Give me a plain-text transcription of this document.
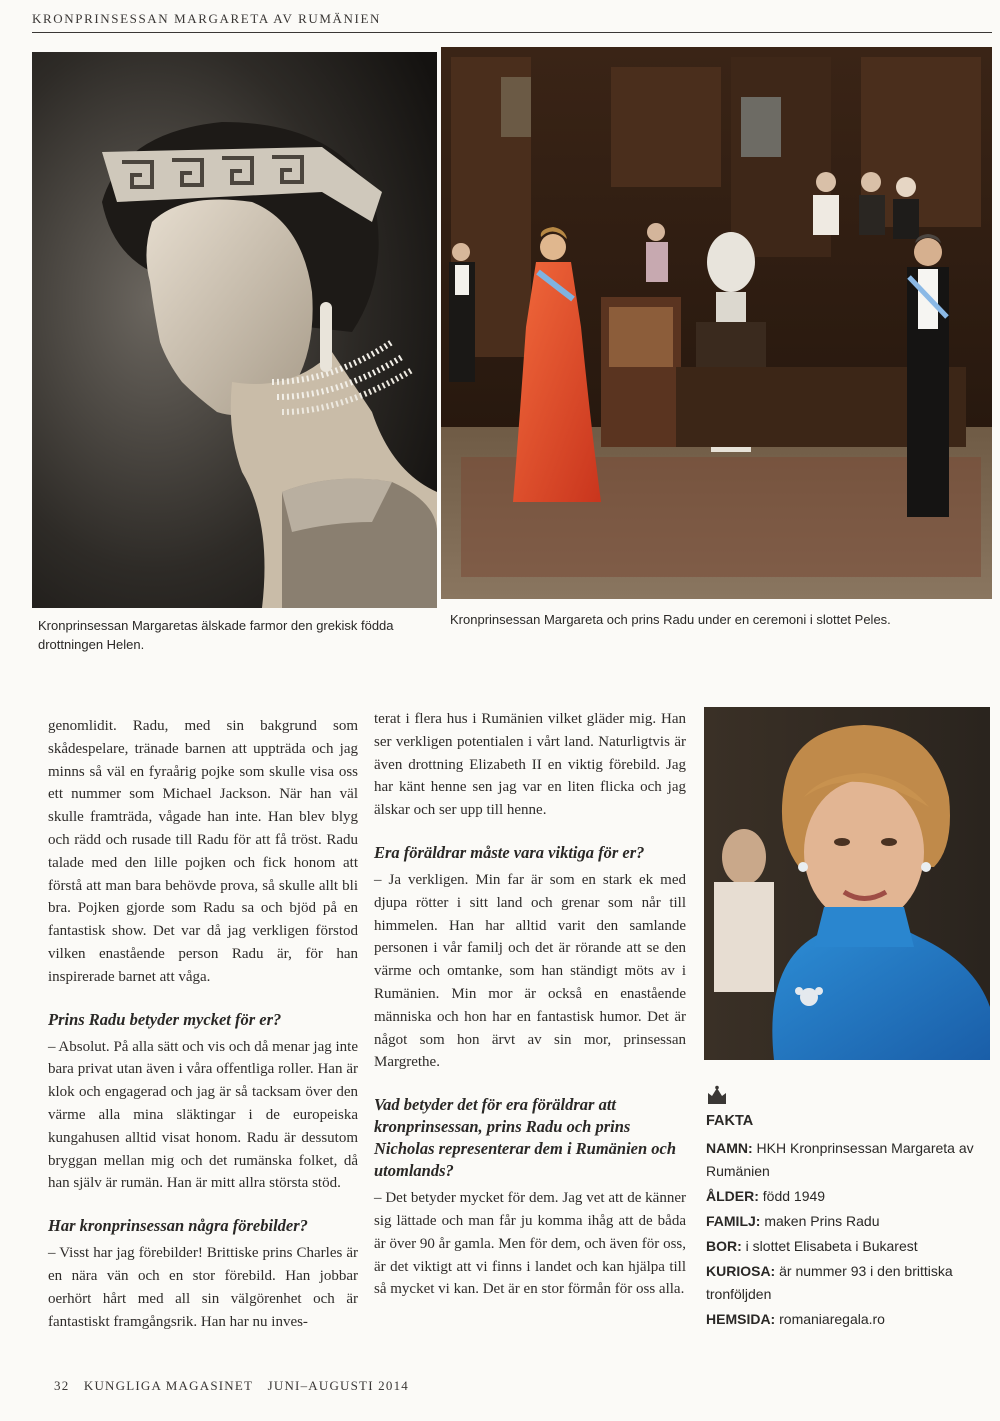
KRONPRINSESSAN MARGARETA AV RUMÄNIEN
Kronprinsessan Margaretas älskade farmor den grekisk födda drottningen Helen.
Kronprinsessan Margareta och prins Radu under en ceremoni i slottet Peles.

genomlidit. Radu, med sin bakgrund som skådespelare, tränade barnen att uppträda och jag minns så väl en fyraårig pojke som skulle visa oss ett nummer som Michael Jackson. När han väl skulle framträda, vågade han inte. Han blev blyg och rädd och rusade till Radu för att få tröst. Radu talade med den lille pojken och fick honom att förstå att man bara behövde prova, så skulle allt bli bra. Pojken gjorde som Radu sa och bjöd på en fantastisk show. Det var då jag verkligen förstod vilken enastående person Radu är, för han inspirerade barnet att våga.

Prins Radu betyder mycket för er?

– Absolut. På alla sätt och vis och då menar jag inte bara privat utan även i våra offentliga roller. Han är klok och engagerad och jag är så tacksam över den värme alla mina släktingar i de europeiska kungahusen alltid visat honom. Radu är dessutom bryggan mellan mig och det rumänska folket, då han själv är rumän. Han är mitt allra största stöd.

Har kronprinsessan några förebilder?

– Visst har jag förebilder! Brittiske prins Charles är en nära vän och en stor förebild. Han jobbar oerhört hårt med all sin välgörenhet och är fantastiskt framgångsrik. Han har nu inves-

terat i flera hus i Rumänien vilket gläder mig. Han ser verkligen potentialen i vårt land. Naturligtvis är även drottning Elizabeth II en viktig förebild. Jag har känt henne sen jag var en liten flicka och jag älskar och ser upp till henne.

Era föräldrar måste vara viktiga för er?

– Ja verkligen. Min far är som en stark ek med djupa rötter i sitt land och grenar som når till himmelen. Han har alltid varit den samlande personen i vår familj och det är rörande att se den värme och omtanke, som han ständigt möts av i Rumänien. Min mor är också en enastående människa och hon har en fantastisk humor. Det är något som hon ärvt av sin mor, prinsessan Margrethe.

Vad betyder det för era föräldrar att kronprinsessan, prins Radu och prins Nicholas representerar dem i Rumänien och utomlands?

– Det betyder mycket för dem. Jag vet att de känner sig lättade och man får ju komma ihåg att de båda är över 90 år gamla. Men för dem, och även för oss, är det viktigt att vi finns i landet och kan hjälpa till så mycket vi kan. Det är en stor förmån för oss alla.

FAKTA
NAMN: HKH Kronprinsessan Margareta av Rumänien
ÅLDER: född 1949
FAMILJ: maken Prins Radu
BOR: i slottet Elisabeta i Bukarest
KURIOSA: är nummer 93 i den brittiska tronföljden
HEMSIDA: romaniaregala.ro
32 KUNGLIGA MAGASINET JUNI–AUGUSTI 2014
